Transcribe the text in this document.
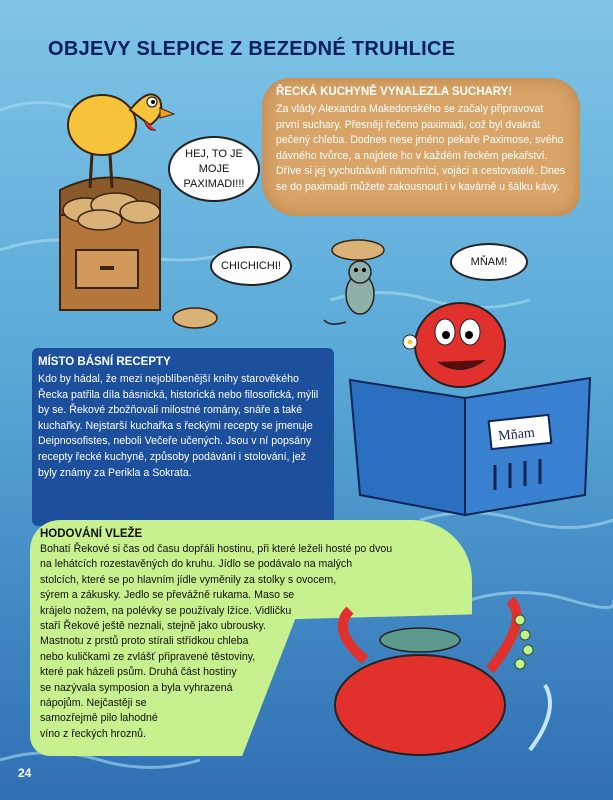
OBJEVY SLEPICE Z BEZEDNÉ TRUHLICE
HEJ, TO JE MOJE PAXIMADI!!!
ŘECKÁ KUCHYNĚ VYNALEZLA SUCHARY!

Za vlády Alexandra Makedonského se začaly připravovat první suchary. Přesněji řečeno paximadi, což byl dvakrát pečený chleba. Dodnes nese jméno pekaře Paximose, svého dávného tvůrce, a najdete ho v každém řeckém pekařství. Dříve si jej vychutnávali námořníci, vojáci a cestovatelé. Dnes se do paximadi můžete zakousnout i v kavárně u šálku kávy.

CHICHICHI!	MŇAM!
Mňam
MÍSTO BÁSNÍ RECEPTY

Kdo by hádal, že mezi nejoblíbenější knihy starověkého Řecka patřila díla básnická, historická nebo filosofická, mýlil by se. Řekové zbožňovali milostné romány, snáře a také kuchařky. Nejstarší kuchařka s řeckými recepty se jmenuje Deipnosofistes, neboli Večeře učených. Jsou v ní popsány recepty řecké kuchyně, způsoby podávání i stolování, jež byly známy za Perikla a Sokrata.

HODOVÁNÍ VLEŽE
Bohatí Řekové si čas od času dopřáli hostinu, při které leželi hosté po dvou
na lehátcích rozestavěných do kruhu. Jídlo se podávalo na malých
stolcích, které se po hlavním jídle vyměnily za stolky s ovocem,
sýrem a zákusky. Jedlo se převážně rukama. Maso se
krájelo nožem, na polévky se používaly lžíce. Vidličku
staří Řekové ještě neznali, stejně jako ubrousky.
Mastnotu z prstů proto stírali střídkou chleba
nebo kuličkami ze zvlášť připravené těstoviny,
které pak házeli psům. Druhá část hostiny
se nazývala symposion a byla vyhrazená
nápojům. Nejčastěji se
samozřejmě pilo lahodné
víno z řeckých hroznů.
24
